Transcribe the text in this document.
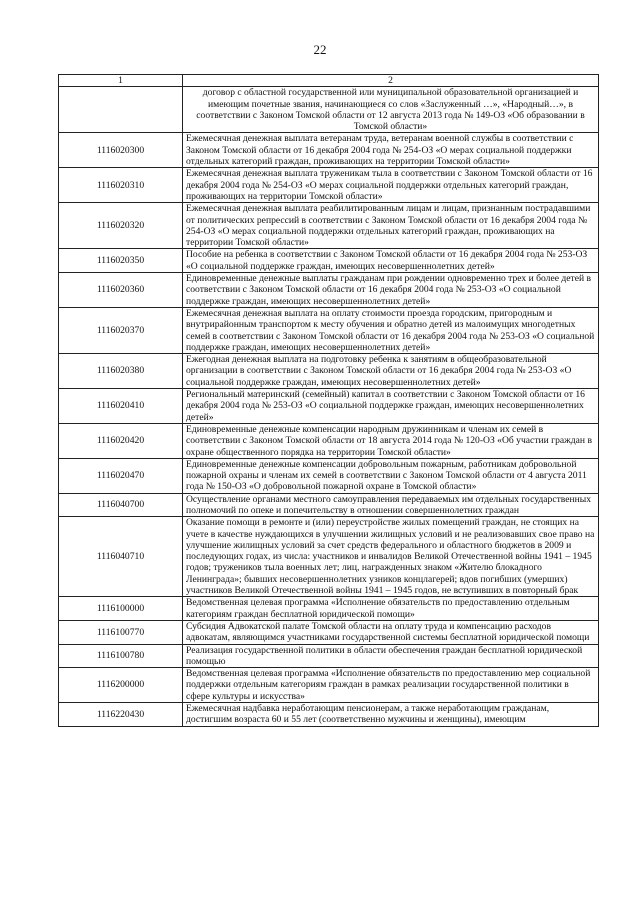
22
1	2
	договор с областной государственной или муниципальной образовательной организацией и имеющим почетные звания, начинающиеся со слов «Заслуженный …», «Народный…», в соответствии с Законом Томской области от 12 августа 2013 года № 149-ОЗ «Об образовании в Томской области»
1116020300	Ежемесячная денежная выплата ветеранам труда, ветеранам военной службы в соответствии с Законом Томской области от 16 декабря 2004 года № 254-ОЗ «О мерах социальной поддержки отдельных категорий граждан, проживающих на территории Томской области»
1116020310	Ежемесячная денежная выплата труженикам тыла в соответствии с Законом Томской области от 16 декабря 2004 года № 254-ОЗ «О мерах социальной поддержки отдельных категорий граждан, проживающих на территории Томской области»
1116020320	Ежемесячная денежная выплата реабилитированным лицам и лицам, признанным пострадавшими от политических репрессий в соответствии с Законом Томской области от 16 декабря 2004 года № 254-ОЗ «О мерах социальной поддержки отдельных категорий граждан, проживающих на территории Томской области»
1116020350	Пособие на ребенка в соответствии с Законом Томской области от 16 декабря 2004 года № 253-ОЗ «О социальной поддержке граждан, имеющих несовершеннолетних детей»
1116020360	Единовременные денежные выплаты гражданам при рождении одновременно трех и более детей в соответствии с Законом Томской области от 16 декабря 2004 года № 253-ОЗ «О социальной поддержке граждан, имеющих несовершеннолетних детей»
1116020370	Ежемесячная денежная выплата на оплату стоимости проезда городским, пригородным и внутрирайонным транспортом к месту обучения и обратно детей из малоимущих многодетных семей в соответствии с Законом Томской области от 16 декабря 2004 года № 253-ОЗ «О социальной поддержке граждан, имеющих несовершеннолетних детей»
1116020380	Ежегодная денежная выплата на подготовку ребенка к занятиям в общеобразовательной организации в соответствии с Законом Томской области от 16 декабря 2004 года № 253-ОЗ «О социальной поддержке граждан, имеющих несовершеннолетних детей»
1116020410	Региональный материнский (семейный) капитал в соответствии с Законом Томской области от 16 декабря 2004 года № 253-ОЗ «О социальной поддержке граждан, имеющих несовершеннолетних детей»
1116020420	Единовременные денежные компенсации народным дружинникам и членам их семей в соответствии с Законом Томской области от 18 августа 2014 года № 120-ОЗ «Об участии граждан в охране общественного порядка на территории Томской области»
1116020470	Единовременные денежные компенсации добровольным пожарным, работникам добровольной пожарной охраны и членам их семей в соответствии с Законом Томской области от 4 августа 2011 года № 150-ОЗ «О добровольной пожарной охране в Томской области»
1116040700	Осуществление органами местного самоуправления передаваемых им отдельных государственных полномочий по опеке и попечительству в отношении совершеннолетних граждан
1116040710	Оказание помощи в ремонте и (или) переустройстве жилых помещений граждан, не стоящих на учете в качестве нуждающихся в улучшении жилищных условий и не реализовавших свое право на улучшение жилищных условий за счет средств федерального и областного бюджетов в 2009 и последующих годах, из числа: участников и инвалидов Великой Отечественной войны 1941 – 1945 годов; тружеников тыла военных лет; лиц, награжденных знаком «Жителю блокадного Ленинграда»; бывших несовершеннолетних узников концлагерей; вдов погибших (умерших) участников Великой Отечественной войны 1941 – 1945 годов, не вступивших в повторный брак
1116100000	Ведомственная целевая программа «Исполнение обязательств по предоставлению отдельным категориям граждан бесплатной юридической помощи»
1116100770	Субсидия Адвокатской палате Томской области на оплату труда и компенсацию расходов адвокатам, являющимся участниками государственной системы бесплатной юридической помощи
1116100780	Реализация государственной политики в области обеспечения граждан бесплатной юридической помощью
1116200000	Ведомственная целевая программа «Исполнение обязательств по предоставлению мер социальной поддержки отдельным категориям граждан в рамках реализации государственной политики в сфере культуры и искусства»
1116220430	Ежемесячная надбавка неработающим пенсионерам, а также неработающим гражданам, достигшим возраста 60 и 55 лет (соответственно мужчины и женщины), имеющим
